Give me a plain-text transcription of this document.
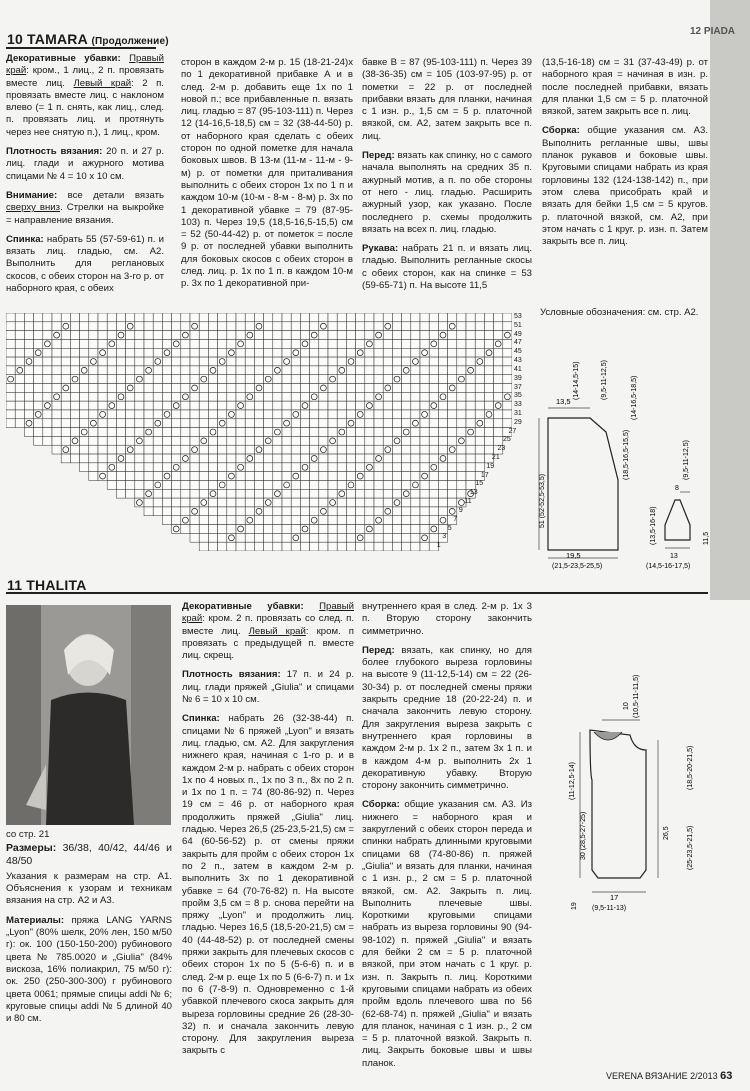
12 PIADA
10 TAMARA (Продолжение)

Декоративные убавки: Правый край: кром., 1 лиц., 2 п. провязать вместе лиц. Левый край: 2 п. провязать вместе лиц. с наклоном влево (= 1 п. снять, как лиц., след. п. провязать лиц. и протянуть через нее снятую п.), 1 лиц., кром.

Плотность вязания: 20 п. и 27 р. лиц. глади и ажурного мотива спицами № 4 = 10 х 10 см.

Внимание: все детали вязать сверху вниз. Стрелки на выкройке = направление вязания.

Спинка: набрать 55 (57-59-61) п. и вязать лиц. гладью, см. А2. Выполнить для реглановых скосов, с обеих сторон на 3-го р. от наборного края, с обеих

сторон в каждом 2-м р. 15 (18-21-24)х по 1 декоративной прибавке А и в след. 2-м р. добавить еще 1х по 1 новой п.; все прибавленные п. вязать лиц. гладью = 87 (95-103-111) п. Через 12 (14-16,5-18,5) см = 32 (38-44-50) р. от наборного края сделать с обеих сторон по одной пометке для начала боковых швов. В 13-м (11-м - 11-м - 9-м) р. от пометки для приталивания выполнить с обеих сторон 1х по 1 п и каждом 10-м (10-м - 8-м - 8-м) р. 3х по 1 декоративной убавке = 79 (87-95-103) п. Через 19,5 (18,5-16,5-15,5) см = 52 (50-44-42) р. от пометок = после 9 р. от последней убавки выполнить для боковых скосов с обеих сторон в след. лиц. р. 1х по 1 п. в каждом 10-м р. 3х по 1 декоративной при-

бавке В = 87 (95-103-111) п. Через 39 (38-36-35) см = 105 (103-97-95) р. от пометки = 22 р. от последней прибавки вязать для планки, начиная с 1 изн. р., 1,5 см = 5 р. платочной вязкой, см. А2, затем закрыть все п. лиц.

Перед: вязать как спинку, но с самого начала выполнять на средних 35 п. ажурный мотив, а п. по обе стороны от него - лиц. гладью. Расширить ажурный узор, как указано. После последнего р. схемы продолжить вязать на всех п. лиц. гладью.

Рукава: набрать 21 п. и вязать лиц. гладью. Выполнить регланные скосы с обеих сторон, как на спинке = 53 (59-65-71) п. На высоте 11,5

(13,5-16-18) см = 31 (37-43-49) р. от наборного края = начиная в изн. р. после последней прибавки, вязать для планки 1,5 см = 5 р. платочной вязкой, затем закрыть все п. лиц.

Сборка: общие указания см. А3. Выполнить регланные швы, швы планок рукавов и боковые швы. Круговыми спицами набрать из края горловины 132 (124-138-142) п., при этом слева присобрать край и вязать для бейки 1,5 см = 5 кругов. р. платочной вязкой, см. А2, при этом начать с 1 круг. р. изн. п. Затем закрыть все п. лиц.

Условные обозначения: см. стр. А2.
53
51
49
47
45
43
41
39
37
35
33
31
29
27
25
23
21
19
17
15
13
11
9
7
5
3
1
13,5
19,5
(21,5-23,5-25,5)
13
(14,5-16-17,5)
8
51 (52-52,5-53,5)
(14-14,5-15)	(9,5-11-12,5)
(18,5-16,5-15,5)
(14-16,5-18,5)
(9,5-11-12,5)
(13,5-16-18)	11,5
11 THALITA

со стр. 21

Размеры: 36/38, 40/42, 44/46 и 48/50

Указания к размерам на стр. А1. Объяснения к узорам и техникам вязания на стр. А2 и А3.

Материалы: пряжа LANG YARNS „Lyon" (80% шелк, 20% лен, 150 м/50 г): ок. 100 (150-150-200) рубинового цвета № 785.0020 и „Giulia" (84% вискоза, 16% полиакрил, 75 м/50 г): ок. 250 (250-300-300) г рубинового цвета 0061; прямые спицы addi № 6; круговые спицы addi № 5 длиной 40 и 80 см.

Декоративные убавки: Правый край: кром. 2 п. провязать со след. п. вместе лиц. Левый край: кром. п провязать с предыдущей п. вместе лиц. скрещ.

Плотность вязания: 17 п. и 24 р. лиц. глади пряжей „Giulia" и спицами № 6 = 10 х 10 см.

Спинка: набрать 26 (32-38-44) п. спицами № 6 пряжей „Lyon" и вязать лиц. гладью, см. А2. Для закругления нижнего края, начиная с 1-го р. и в каждом 2-м р. набрать с обеих сторон 1х по 4 новых п., 1х по 3 п., 8х по 2 п. и 1х по 1 п. = 74 (80-86-92) п. Через 19 см = 46 р. от наборного края продолжить пряжей „Giulia" лиц. гладью. Через 26,5 (25-23,5-21,5) см = 64 (60-56-52) р. от смены пряжи закрыть для пройм с обеих сторон 1х по 2 п., затем в каждом 2-м р. выполнить 3х по 1 декоративной убавке = 64 (70-76-82) п. На высоте пройм 3,5 см = 8 р. снова перейти на пряжу „Lyon" и продолжить лиц. гладью. Через 16,5 (18,5-20-21,5) см = 40 (44-48-52) р. от последней смены пряжи закрыть для плечевых скосов с обеих сторон 1х по 5 (5-6-6) п. и в след. 2-м р. еще 1х по 5 (6-6-7) п. и 1х по 6 (7-8-9) п. Одновременно с 1-й убавкой плечевого скоса закрыть для выреза горловины средние 26 (28-30-32) п. и сначала закончить левую сторону. Для закругления выреза закрыть с

внутреннего края в след. 2-м р. 1х 3 п. Вторую сторону закончить симметрично.

Перед: вязать, как спинку, но для более глубокого выреза горловины на высоте 9 (11-12,5-14) см = 22 (26-30-34) р. от последней смены пряжи закрыть средние 18 (20-22-24) п. и сначала закончить левую сторону. Для закругления выреза закрыть с внутреннего края горловины в каждом 2-м р. 1х 2 п., затем 3х 1 п. и в каждом 4-м р. выполнить 2х 1 декоративную убавку. Вторую сторону закончить симметрично.

Сборка: общие указания см. А3. Из нижнего = наборного края и закруглений с обеих сторон переда и спинки набрать длинными круговыми спицами 68 (74-80-86) п. пряжей „Giulia" и вязать для планки, начиная с 1 изн. р., 2 см = 5 р. платочной вязкой, см. А2. Закрыть п. лиц. Выполнить плечевые швы. Короткими круговыми спицами набрать из выреза горловины 90 (94-98-102) п. пряжей „Giulia" и вязать для бейки 2 см = 5 р. платочной вязкой, при этом начать с 1 круг. р. изн. п. Закрыть п. лиц. Короткими круговыми спицами набрать из обеих пройм вдоль плечевого шва по 56 (62-68-74) п. пряжей „Giulia" и вязать для планок, начиная с 1 изн. р., 2 см = 5 р. платочной вязкой. Закрыть п. лиц. Закрыть боковые швы и швы планок.

10 (10,5-11-11,5)
(11-12,5-14)
30 (28,5-27-25)
19
(25-23,5-21,5)
26,5
(18,5-20-21,5)
17
(9,5-11-13)
VERENA ВЯЗАНИЕ 2/2013 63
